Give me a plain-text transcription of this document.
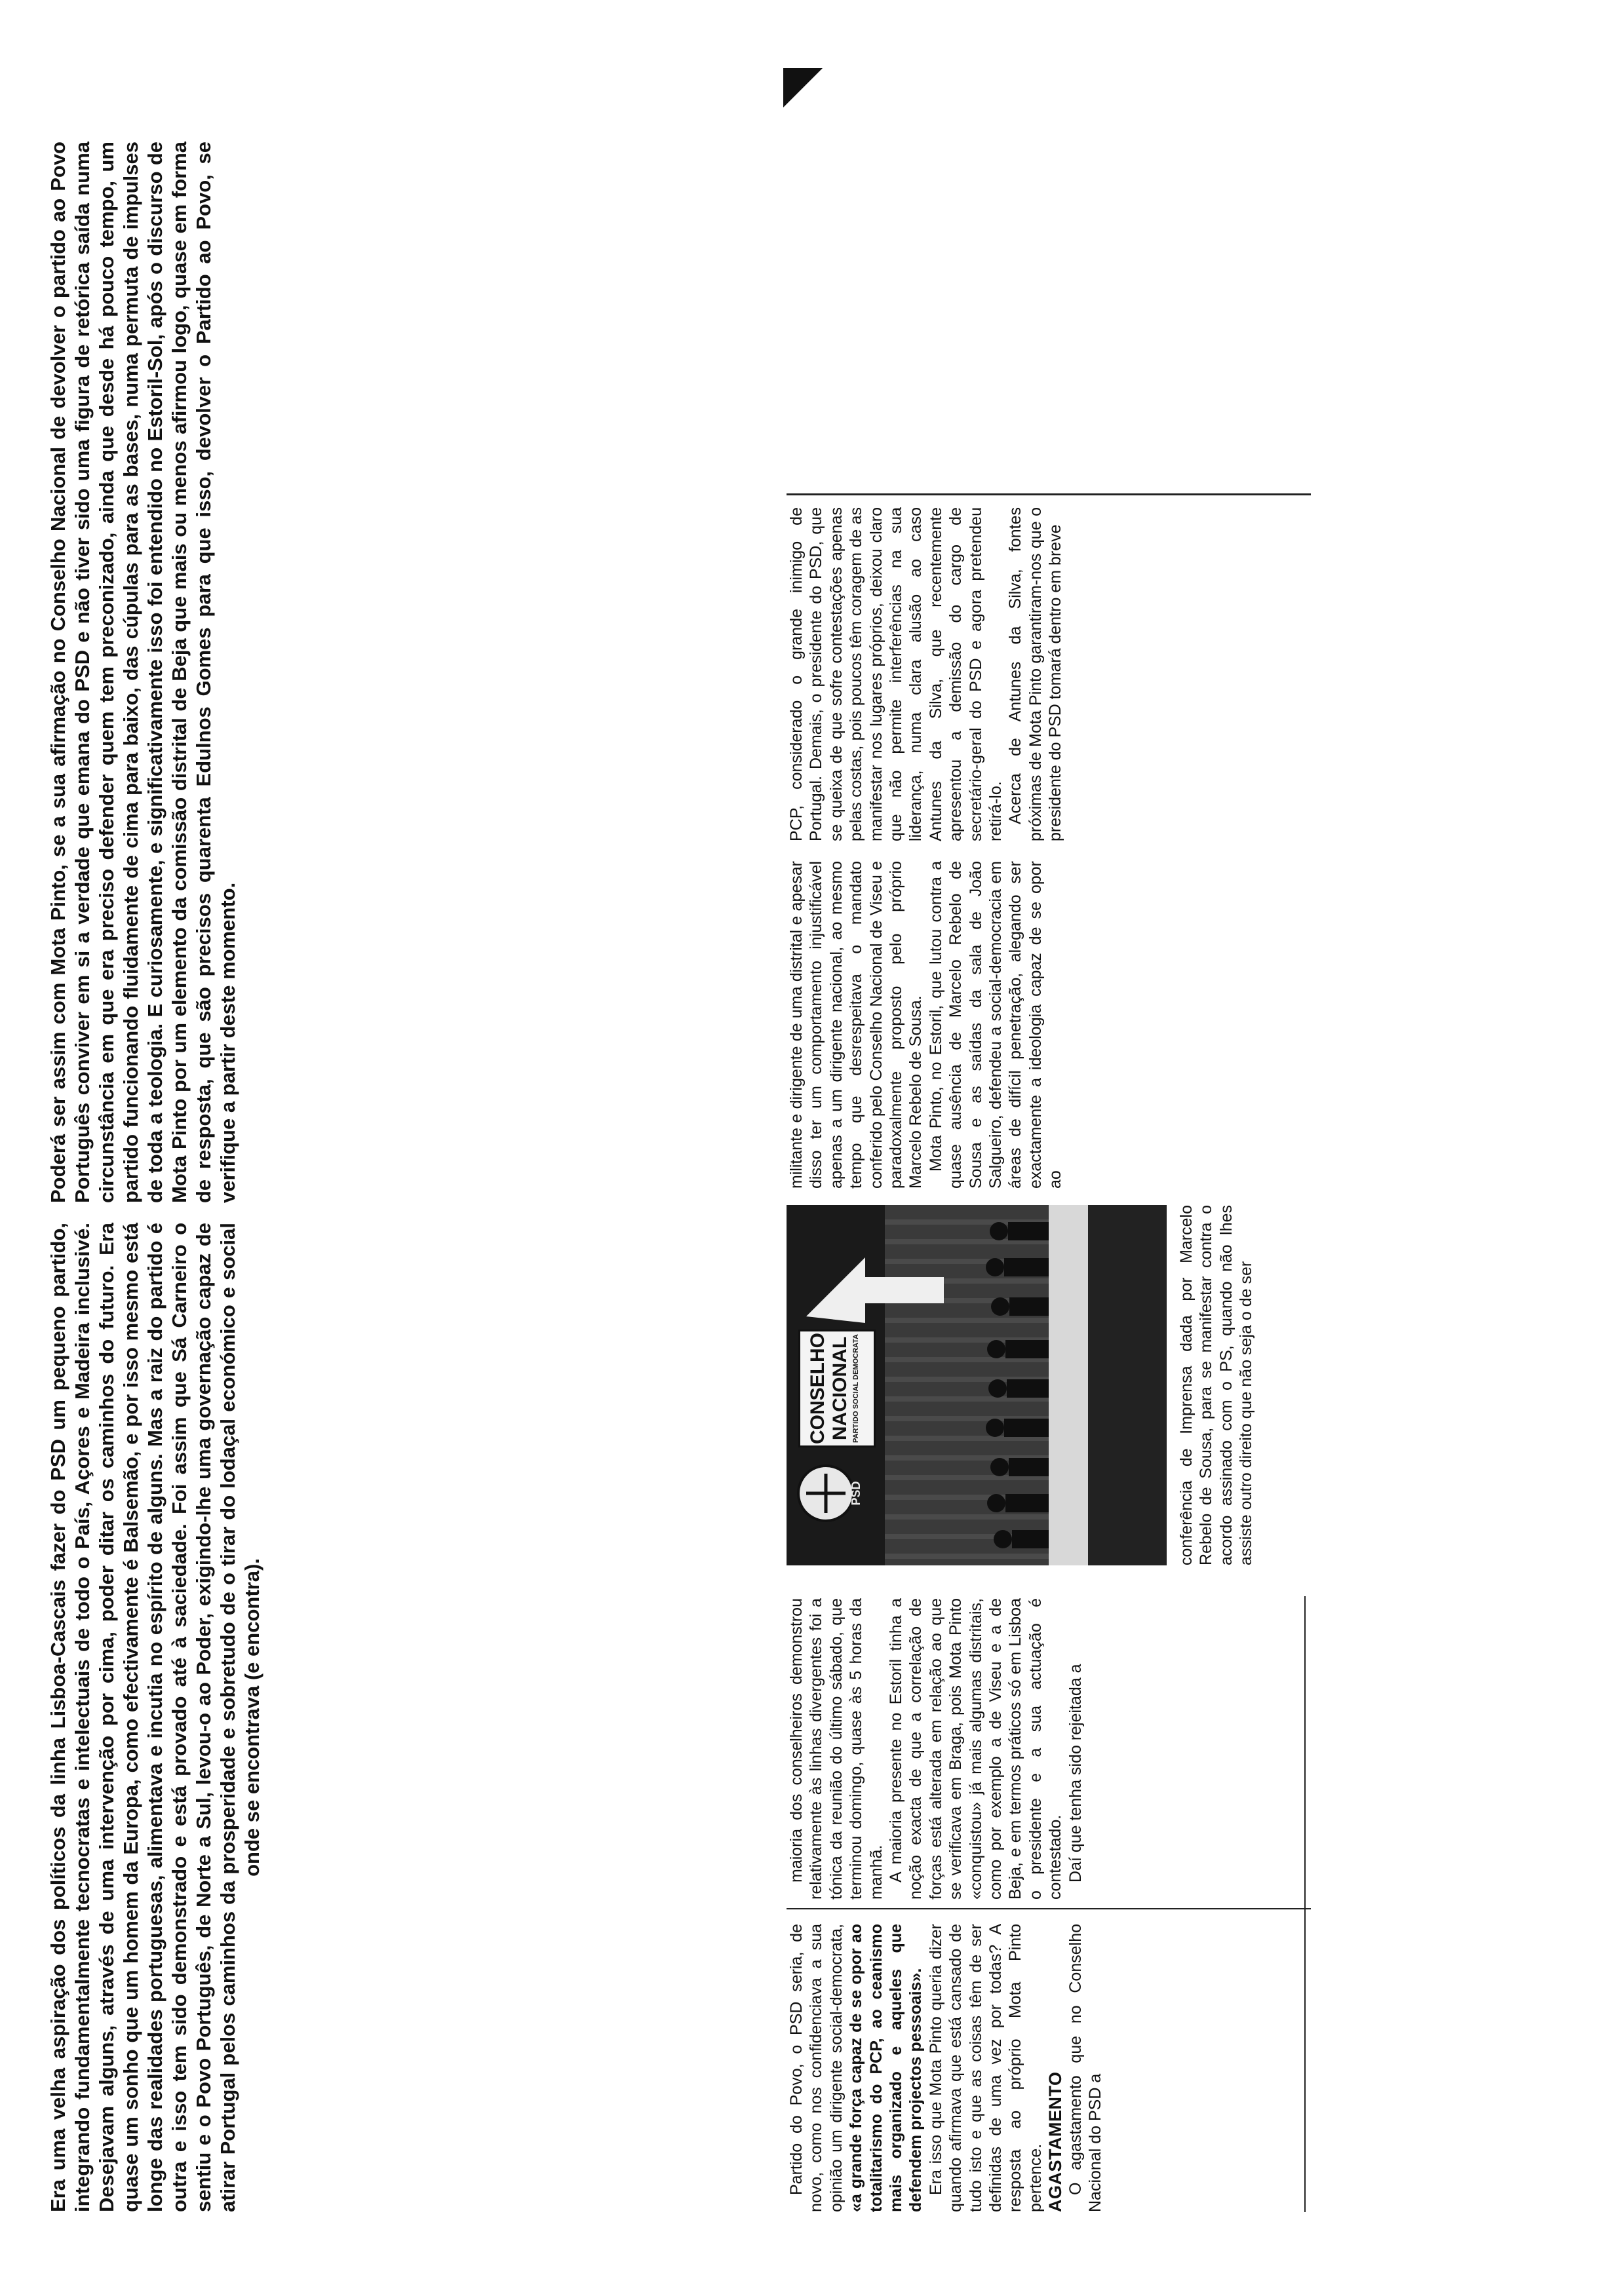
Era uma velha aspiração dos políticos da linha Lisboa-Cascais fazer do PSD um pequeno partido, integrando fundamentalmente tecnocratas e intelectuais de todo o País, Açores e Madeira inclusivé. Desejavam alguns, através de uma intervenção por cima, poder ditar os caminhos do futuro. Era quase um sonho que um homem da Europa, como efectivamente é Balsemão, e por isso mesmo está longe das realidades portuguesas, alimentava e incutia no espírito de alguns. Mas a raiz do partido é outra e isso tem sido demonstrado e está provado até à saciedade. Foi assim que Sá Carneiro o sentiu e o Povo Português, de Norte a Sul, levou-o ao Poder, exigindo-lhe uma governação capaz de atirar Portugal pelos caminhos da prosperidade e sobretudo de o tirar do lodaçal económico e social onde se encontrava (e encontra).

Poderá ser assim com Mota Pinto, se a sua afirmação no Conselho Nacional de devolver o partido ao Povo Português conviver em si a verdade que emana do PSD e não tiver sido uma figura de retórica saída numa circunstância em que era preciso defender quem tem preconizado, ainda que desde há pouco tempo, um partido funcionando fluidamente de cima para baixo, das cúpulas para as bases, numa permuta de impulses de toda a teologia. E curiosamente, e significativamente isso foi entendido no Estoril-Sol, após o discurso de Mota Pinto por um elemento da comissão distrital de Beja que mais ou menos afirmou logo, quase em forma de resposta, que são precisos quarenta Edulnos Gomes para que isso, devolver o Partido ao Povo, se verifique a partir deste momento.

Partido do Povo, o PSD seria, de novo, como nos confidenciava a sua opinião um dirigente social-democrata, «a grande força capaz de se opor ao totalitarismo do PCP, ao ceanismo mais organizado e aqueles que defendem projectos pessoais». Era isso que Mota Pinto queria dizer quando afirmava que está cansado de tudo isto e que as coisas têm de ser definidas de uma vez por todas? A resposta ao próprio Mota Pinto pertence. AGASTAMENTO O agastamento que no Conselho Nacional do PSD a

maioria dos conselheiros demonstrou relativamente às linhas divergentes foi a tónica da reunião do último sábado, que terminou domingo, quase às 5 horas da manhã. A maioria presente no Estoril tinha a noção exacta de que a correlação de forças está alterada em relação ao que se verificava em Braga, pois Mota Pinto «conquistou» já mais algumas distritais, como por exemplo a de Viseu e a de Beja, e em termos práticos só em Lisboa o presidente e a sua actuação é contestado. Daí que tenha sido rejeitada a

PSD
CONSELHO NACIONAL PARTIDO SOCIAL DEMOCRATA	conferência de Imprensa dada por Marcelo Rebelo de Sousa, para se manifestar contra o acordo assinado com o PS, quando não lhes assiste outro direito que não seja o de ser

militante e dirigente de uma distrital e apesar disso ter um comportamento injustificável apenas a um dirigente nacional, ao mesmo tempo que desrespeitava o mandato conferido pelo Conselho Nacional de Viseu e paradoxalmente proposto pelo próprio Marcelo Rebelo de Sousa. Mota Pinto, no Estoril, que lutou contra a quase ausência de Marcelo Rebelo de Sousa e as saídas da sala de João Salgueiro, defendeu a social-democracia em áreas de difícil penetração, alegando ser exactamente a ideologia capaz de se opor ao

PCP, considerado o grande inimigo de Portugal. Demais, o presidente do PSD, que se queixa de que sofre contestações apenas pelas costas, pois poucos têm coragem de as manifestar nos lugares próprios, deixou claro que não permite interferências na sua liderança, numa clara alusão ao caso Antunes da Silva, que recentemente apresentou a demissão do cargo de secretário-geral do PSD e agora pretendeu retirá-lo. Acerca de Antunes da Silva, fontes próximas de Mota Pinto garantiram-nos que o presidente do PSD tomará dentro em breve
